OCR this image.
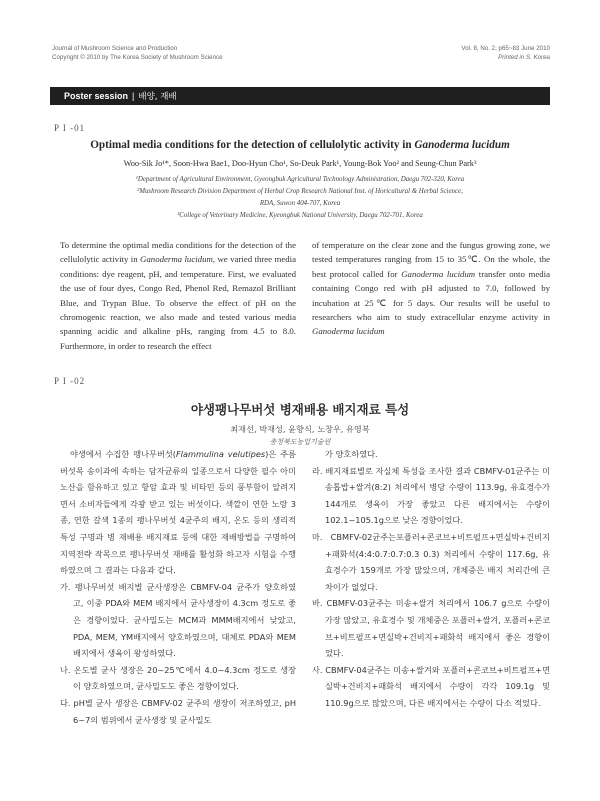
Journal of Mushroom Science and Production
Copyright © 2010 by The Korea Society of Mushroom Science
Vol. 8, No. 2, p65~83 June 2010
Printed in S. Korea
Poster session | 배양, 재배
P I -01
Optimal media conditions for the detection of cellulolytic activity in Ganoderma lucidum
Woo-Sik Jo¹*, Soon-Hwa Bae1, Doo-Hyun Cho¹, So-Deuk Park¹, Young-Bok Yoo² and Seung-Chun Park³
¹Department of Agricultural Environment, Gyeongbuk Agricultural Technology Administration, Daegu 702-320, Korea
²Mushroom Research Division Department of Herbal Crop Research National Inst. of Horicultural & Herbal Science,
RDA, Suwon 404-707, Korea
³College of Veterinary Medicine, Kyeongbuk National University, Daegu 702-701, Korea
To determine the optimal media conditions for the detection of the cellulolytic activity in Ganoderma lucidum, we varied three media conditions: dye reagent, pH, and temperature. First, we evaluated the use of four dyes, Congo Red, Phenol Red, Remazol Brilliant Blue, and Trypan Blue. To observe the effect of pH on the chromogenic reaction, we also made and tested various media spanning acidic and alkaline pHs, ranging from 4.5 to 8.0. Furthermore, in order to research the effect
of temperature on the clear zone and the fungus growing zone, we tested temperatures ranging from 15 to 35℃. On the whole, the best protocol called for Ganoderma lucidum transfer onto media containing Congo red with pH adjusted to 7.0, followed by incubation at 25℃ for 5 days. Our results will be useful to researchers who aim to study extracellular enzyme activity in Ganoderma lucidum
P I -02
야생팽나무버섯 병재배용 배지재료 특성
최재선, 박재성, 윤향식, 노창우, 유영복
충청북도농업기술원

야생에서 수집한 팽나무버섯(Flammulina velutipes)은 주름버섯목 송이과에 속하는 담자균류의 일종으로서 다양한 필수 아미노산을 함유하고 있고 항암 효과 및 비타민 등의 풍부함이 알려지면서 소비자들에게 각광 받고 있는 버섯이다. 색깔이 연한 노랑 3종, 연한 갈색 1종의 팽나무버섯 4균주의 배지, 온도 등의 생리적 특성 구명과 병 재배용 배지재료 등에 대한 재배방법을 구명하여 지역전략 작목으로 팽나무버섯 재배를 활성화 하고자 시험을 수행하였으며 그 결과는 다음과 같다.

가. 팽나무버섯 배지별 균사생장은 CBMFV-04 균주가 양호하였고, 이중 PDA와 MEM 배지에서 균사생장이 4.3cm 정도로 좋은 경향이었다. 균사밀도는 MCM과 MMM배지에서 낮았고, PDA, MEM, YM배지에서 양호하였으며, 대체로 PDA와 MEM배지에서 생육이 왕성하였다.

나. 온도별 균사 생장은 20~25℃에서 4.0~4.3cm 정도로 생장이 양호하였으며, 균사밀도도 좋은 경향이었다.

다. pH별 균사 생장은 CBMFV-02 균주의 생장이 저조하였고, pH 6~7의 범위에서 균사생장 및 균사밀도

가 양호하였다.

라. 배지재료별로 자실체 특성을 조사한 결과 CBMFV-01균주는 미송톱밥+쌀겨(8:2) 처리에서 병당 수량이 113.9g, 유효경수가 144개로 생육이 가장 좋았고 다른 배지에서는 수량이 102.1~105.1g으로 낮은 경향이었다.

마. CBMFV-02균주는포플러+콘코브+비트펄프+면실박+건비지+패화석(4:4:0.7:0.7:0.3 0.3) 처리에서 수량이 117.6g, 유효경수가 159개로 가장 많았으며, 개체중은 배지 처리간에 큰 차이가 없었다.

바. CBMFV-03균주는 미송+쌀겨 처리에서 106.7 g으로 수량이 가장 많았고, 유효경수 및 개체중은 포플러+쌀겨, 포플러+콘코브+비트펄프+면실박+건비지+패화석 배지에서 좋은 경향이었다.

사. CBMFV-04균주는 미송+쌀겨와 포플러+콘코브+비트펄프+면실박+건비지+패화석 배지에서 수량이 각각 109.1g 및 110.9g으로 많았으며, 다른 배지에서는 수량이 다소 적었다.
